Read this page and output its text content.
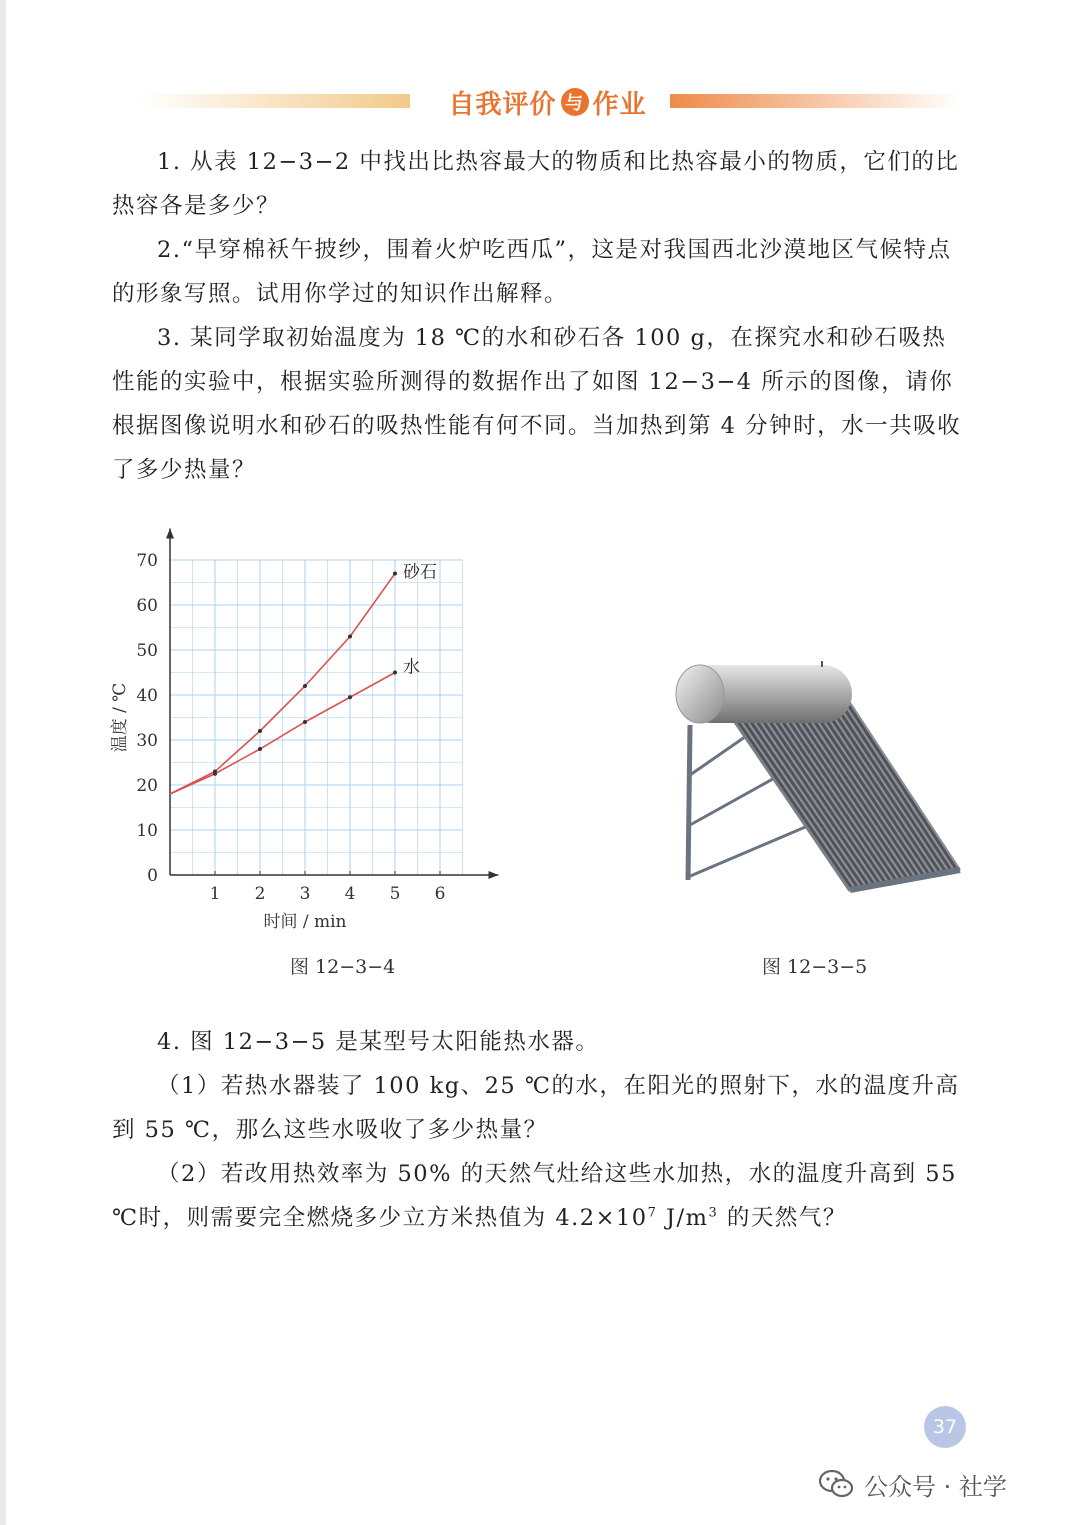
自我评价 与 作业

1. 从表 12−3−2 中找出比热容最大的物质和比热容最小的物质，它们的比热容各是多少？

2.“早穿棉袄午披纱，围着火炉吃西瓜”，这是对我国西北沙漠地区气候特点的形象写照。试用你学过的知识作出解释。

3. 某同学取初始温度为 18 ℃的水和砂石各 100 g，在探究水和砂石吸热性能的实验中，根据实验所测得的数据作出了如图 12−3−4 所示的图像，请你根据图像说明水和砂石的吸热性能有何不同。当加热到第 4 分钟时，水一共吸收了多少热量？

1 2 3 4 5 6
0
10
20
30
40
50
60
70
时间 / min
温度 / ℃
砂石
水
图 12−3−4	图 12−3−5

4. 图 12−3−5 是某型号太阳能热水器。

（1）若热水器装了 100 kg、25 ℃的水，在阳光的照射下，水的温度升高到 55 ℃，那么这些水吸收了多少热量？

（2）若改用热效率为 50% 的天然气灶给这些水加热，水的温度升高到 55 ℃时，则需要完全燃烧多少立方米热值为 $4.2\times 10^7$ $J/m^3$ 的天然气？

37
公众号 · 社学
